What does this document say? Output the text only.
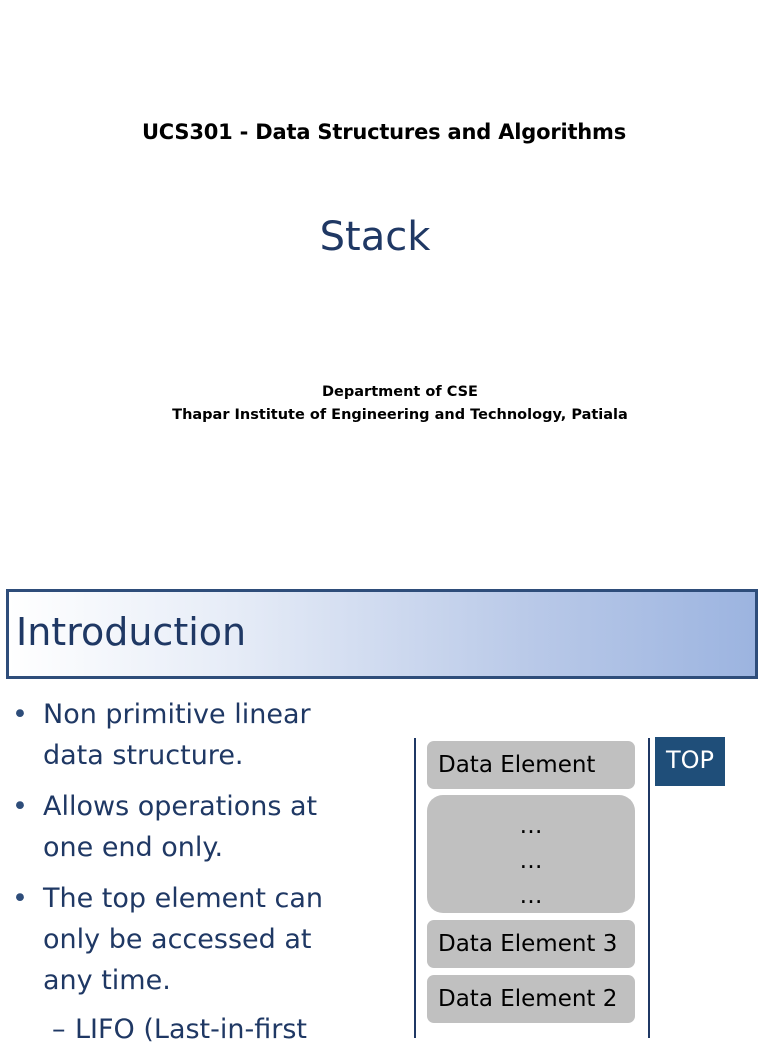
UCS301 - Data Structures and Algorithms
Stack
Department of CSE
Thapar Institute of Engineering and Technology, Patiala
Introduction
• Non primitive linear data structure.
• Allows operations at one end only.
• The top element can only be accessed at any time.
– LIFO (Last-in-first
Data Element
…
…
…
Data Element 3
Data Element 2
TOP
